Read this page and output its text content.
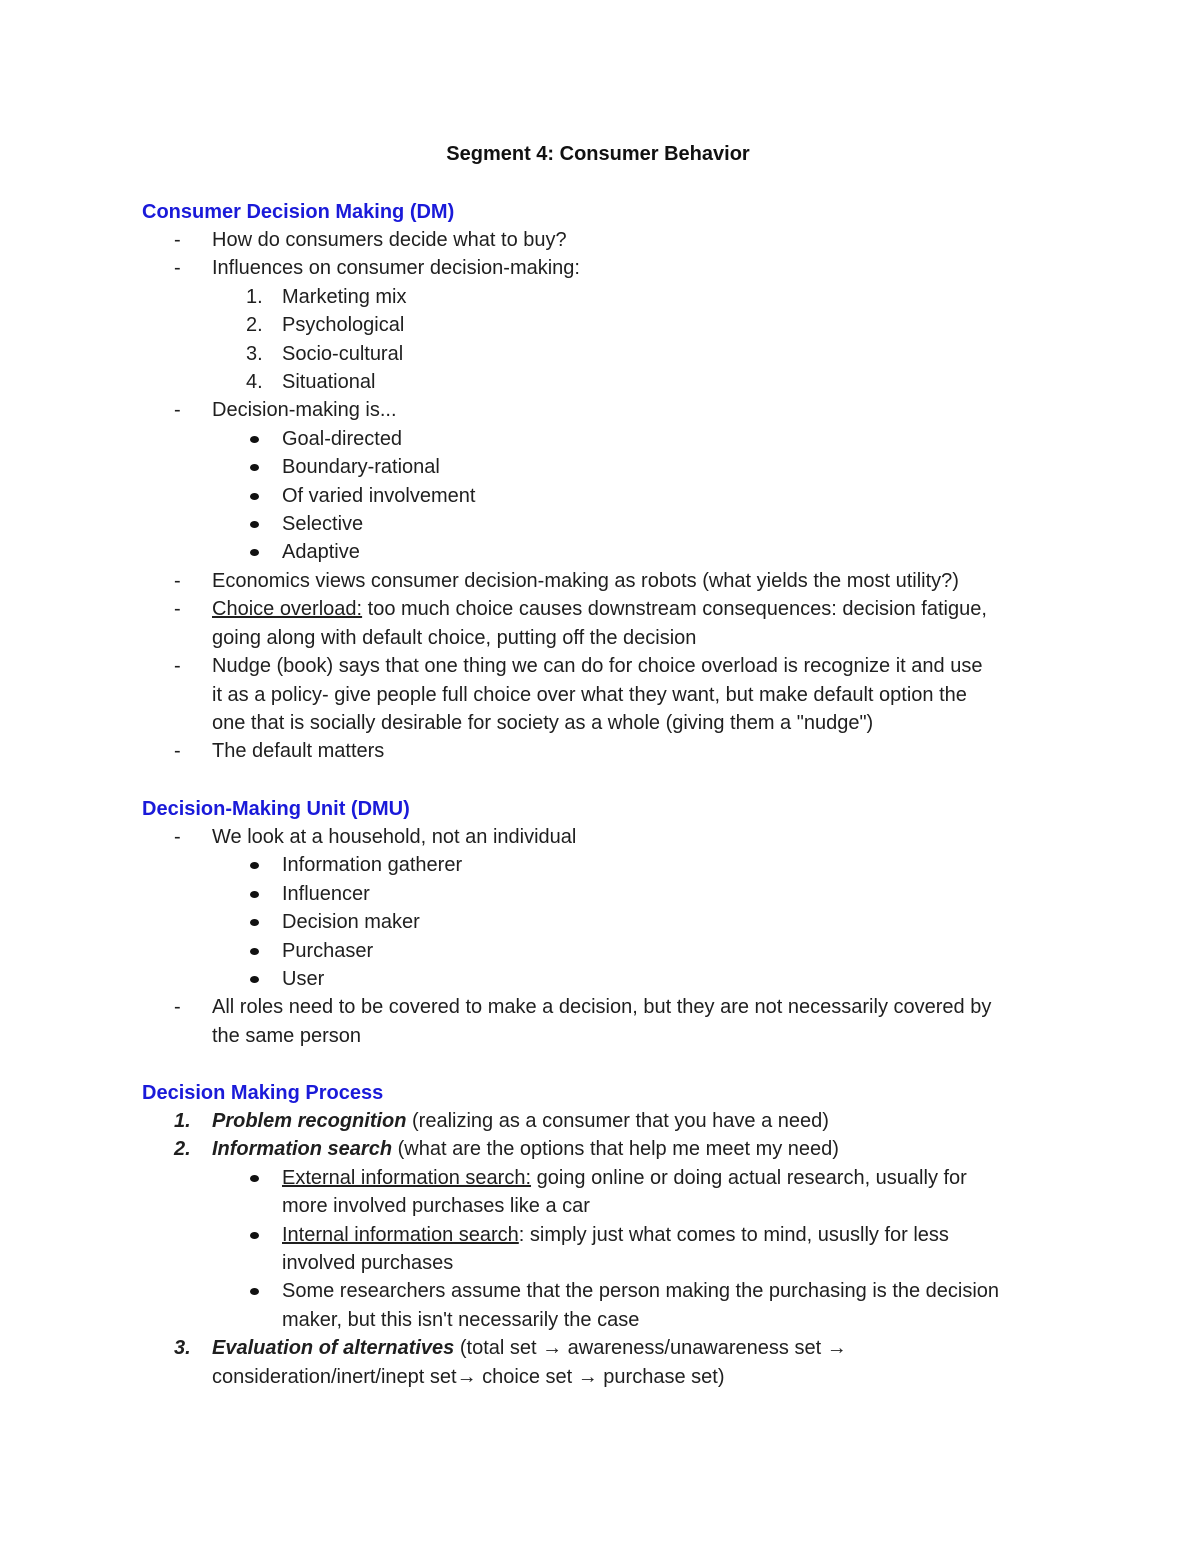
Segment 4: Consumer Behavior

Consumer Decision Making (DM)

- How do consumers decide what to buy?

- Influences on consumer decision-making:

1. Marketing mix

2. Psychological

3. Socio-cultural

4. Situational

- Decision-making is...

Goal-directed

Boundary-rational

Of varied involvement

Selective

Adaptive

- Economics views consumer decision-making as robots (what yields the most utility?)

- Choice overload: too much choice causes downstream consequences: decision fatigue,

going along with default choice, putting off the decision

- Nudge (book) says that one thing we can do for choice overload is recognize it and use

it as a policy- give people full choice over what they want, but make default option the

one that is socially desirable for society as a whole (giving them a "nudge")

- The default matters

Decision-Making Unit (DMU)

- We look at a household, not an individual

Information gatherer

Influencer

Decision maker

Purchaser

User

- All roles need to be covered to make a decision, but they are not necessarily covered by

the same person

Decision Making Process

1. Problem recognition (realizing as a consumer that you have a need)

2. Information search (what are the options that help me meet my need)

External information search: going online or doing actual research, usually for

more involved purchases like a car

Internal information search: simply just what comes to mind, ususlly for less

involved purchases

Some researchers assume that the person making the purchasing is the decision

maker, but this isn't necessarily the case

3. Evaluation of alternatives (total set → awareness/unawareness set →

consideration/inert/inept set→ choice set → purchase set)
